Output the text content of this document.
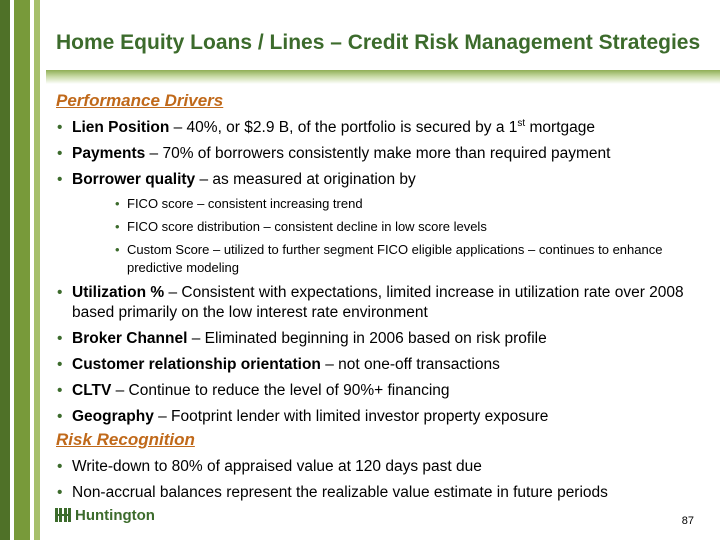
Home Equity Loans / Lines – Credit Risk Management Strategies

Performance Drivers

• Lien Position – 40%, or $2.9 B, of the portfolio is secured by a 1st mortgage

• Payments – 70% of borrowers consistently make more than required payment

• Borrower quality – as measured at origination by

• FICO score – consistent increasing trend

• FICO score distribution – consistent decline in low score levels

• Custom Score – utilized to further segment FICO eligible applications – continues to enhance predictive modeling

• Utilization % – Consistent with expectations, limited increase in utilization rate over 2008 based primarily on the low interest rate environment

• Broker Channel – Eliminated beginning in 2006 based on risk profile

• Customer relationship orientation – not one-off transactions

• CLTV – Continue to reduce the level of 90%+ financing

• Geography – Footprint lender with limited investor property exposure

Risk Recognition

• Write-down to 80% of appraised value at 120 days past due

• Non-accrual balances represent the realizable value estimate in future periods

Huntington	87
